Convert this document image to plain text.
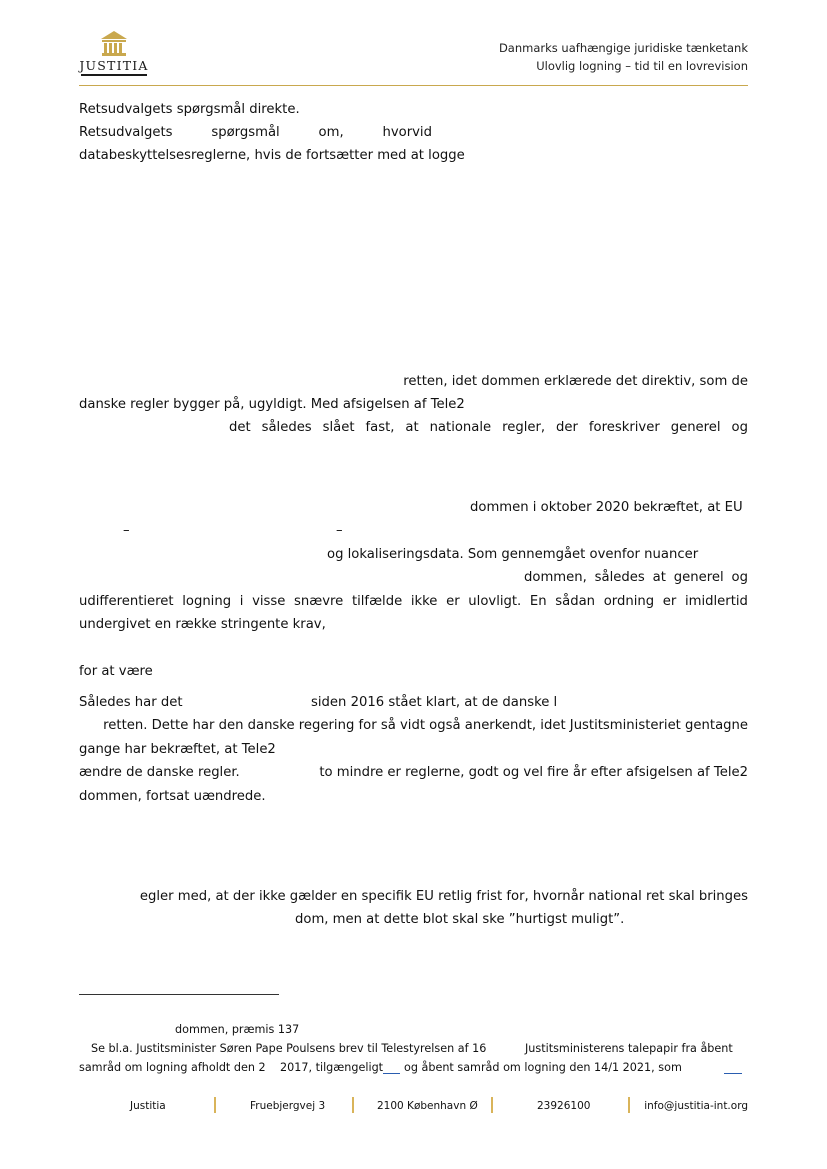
JUSTITIA
Danmarks uafhængige juridiske tænketank
Ulovlig logning – tid til en lovrevision
Retsudvalgets spørgsmål direkte.
Retsudvalgets	spørgsmål	om,	hvorvid
databeskyttelsesreglerne, hvis de fortsætter med at logge
retten, idet dommen erklærede det direktiv, som de
danske regler bygger på, ugyldigt. Med afsigelsen af Tele2
det således slået fast, at nationale regler, der foreskriver generel og
dommen i oktober 2020 bekræftet, at EU
–	–
og lokaliseringsdata. Som gennemgået ovenfor nuancer
dommen, således at generel og
udifferentieret logning i visse snævre tilfælde ikke er ulovligt. En sådan ordning er imidlertid
undergivet en række stringente krav,
for at være
Således har det	siden 2016 stået klart, at de danske l
retten. Dette har den danske regering for så vidt også anerkendt, idet Justitsministeriet gentagne
gange har bekræftet, at Tele2
ændre de danske regler.	to mindre er reglerne, godt og vel fire år efter afsigelsen af Tele2
dommen, fortsat uændrede.
egler med, at der ikke gælder en specifik EU retlig frist for, hvornår national ret skal bringes
dom, men at dette blot skal ske ”hurtigst muligt”.
dommen, præmis 137
Se bl.a. Justitsminister Søren Pape Poulsens brev til Telestyrelsen af 16	Justitsministerens talepapir fra åbent
samråd om logning afholdt den 2 2017, tilgængeligt og åbent samråd om logning den 14/1 2021, som
Justitia	Fruebjergvej 3	2100 København Ø	23926100	info@justitia-int.org
